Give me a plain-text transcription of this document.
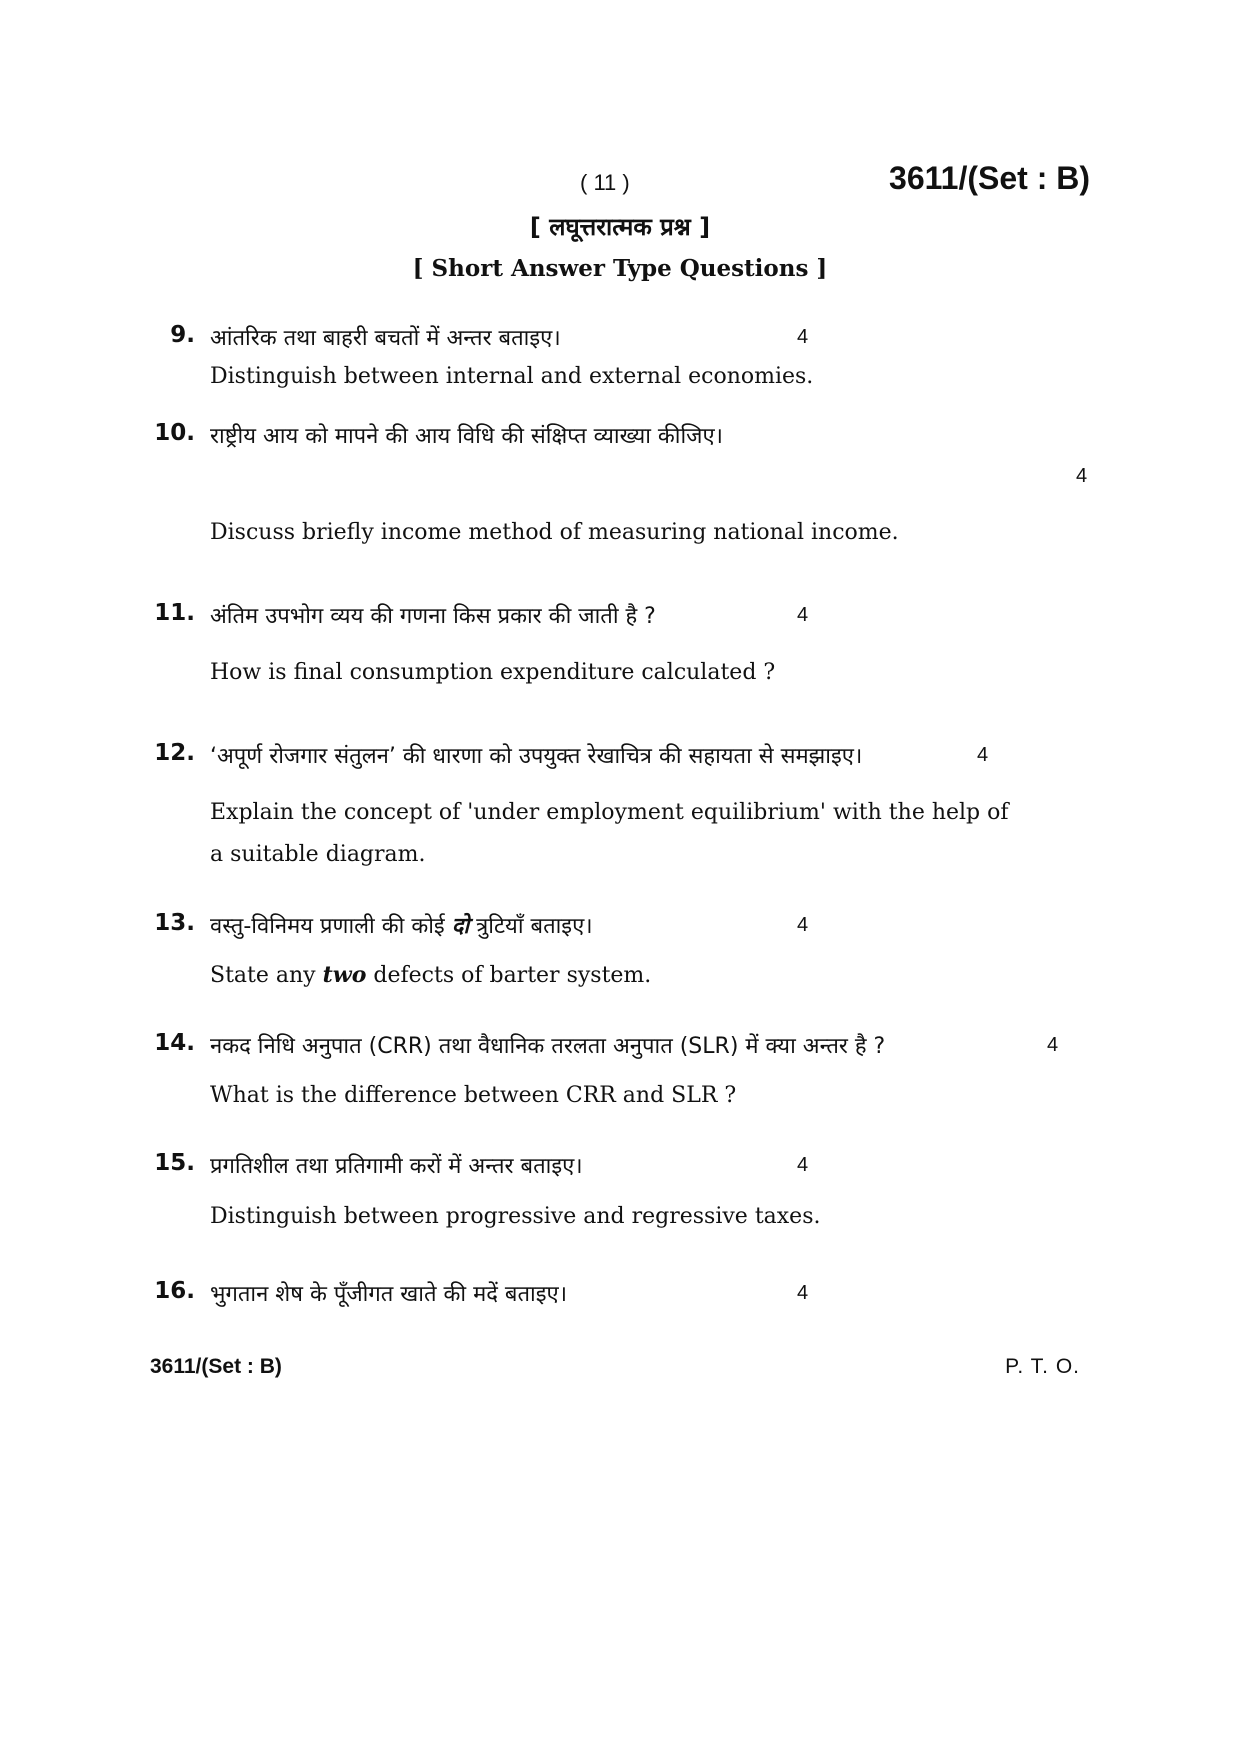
( 11 )	3611/(Set : B)
[ लघूत्तरात्मक प्रश्न ]
[ Short Answer Type Questions ]
9. आंतरिक तथा बाहरी बचतों में अन्तर बताइए।	4
Distinguish between internal and external economies.
10. राष्ट्रीय आय को मापने की आय विधि की संक्षिप्त व्याख्या कीजिए।
4
Discuss briefly income method of measuring national income.
11. अंतिम उपभोग व्यय की गणना किस प्रकार की जाती है ?	4
How is final consumption expenditure calculated ?
12. ‘अपूर्ण रोजगार संतुलन’ की धारणा को उपयुक्त रेखाचित्र की सहायता से समझाइए।	4
Explain the concept of 'under employment equilibrium' with the help of
a suitable diagram.
13. वस्तु-विनिमय प्रणाली की कोई दो त्रुटियाँ बताइए।	4
State any two defects of barter system.
14. नकद निधि अनुपात (CRR) तथा वैधानिक तरलता अनुपात (SLR) में क्या अन्तर है ?	4
What is the difference between CRR and SLR ?
15. प्रगतिशील तथा प्रतिगामी करों में अन्तर बताइए।	4
Distinguish between progressive and regressive taxes.
16. भुगतान शेष के पूँजीगत खाते की मदें बताइए।	4
3611/(Set : B)	P. T. O.
